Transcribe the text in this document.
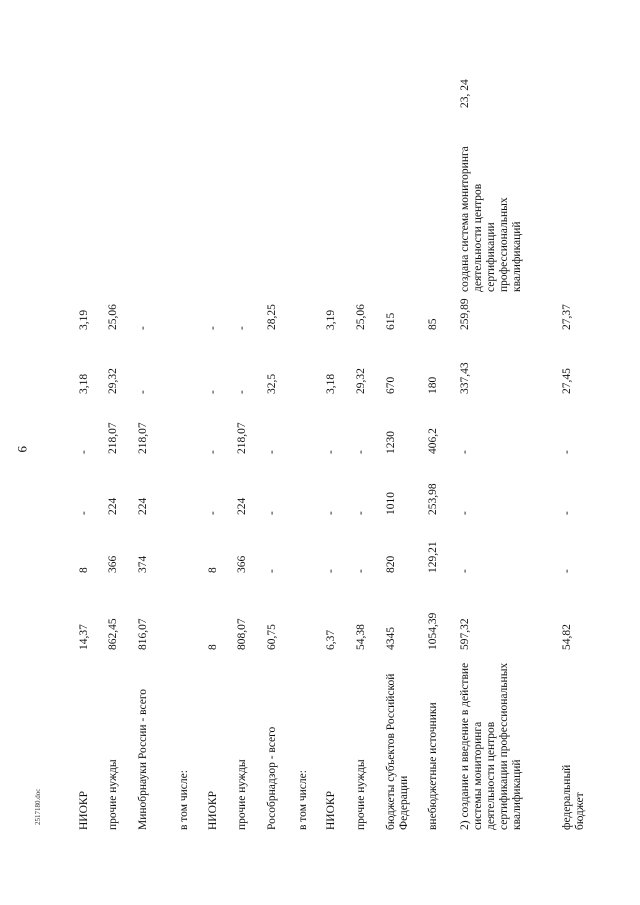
9
НИОКР
14,37
8
-
-
3,18
3,19
прочие нужды
862,45
366
224
218,07
29,32
25,06
Минобрнауки России - всего
816,07
374
224
218,07
-
-
в том числе: НИОКР
8
8
-
-
-
-
прочие нужды
808,07
366
224
218,07
-
-
Рособрнадзор - всего
60,75
-
-
-
32,5
28,25
в том числе: НИОКР
6,37
-
-
-
3,18
3,19
прочие нужды
54,38
-
-
-
29,32
25,06
бюджеты субъектов Российской Федерации
4345
820
1010
1230
670
615
внебюджетные источники
1054,39
129,21
253,98
406,2
180
85
2) создание и введение в действие системы мониторинга деятельности центров сертификации профессиональных квалификаций
597,32
-
-
-
337,43
259,89
создана система мониторинга деятельности центров сертификации профессиональных квалификаций
23, 24
федеральный бюджет
54,82
-
-
-
27,45
27,37
2517180.doc
